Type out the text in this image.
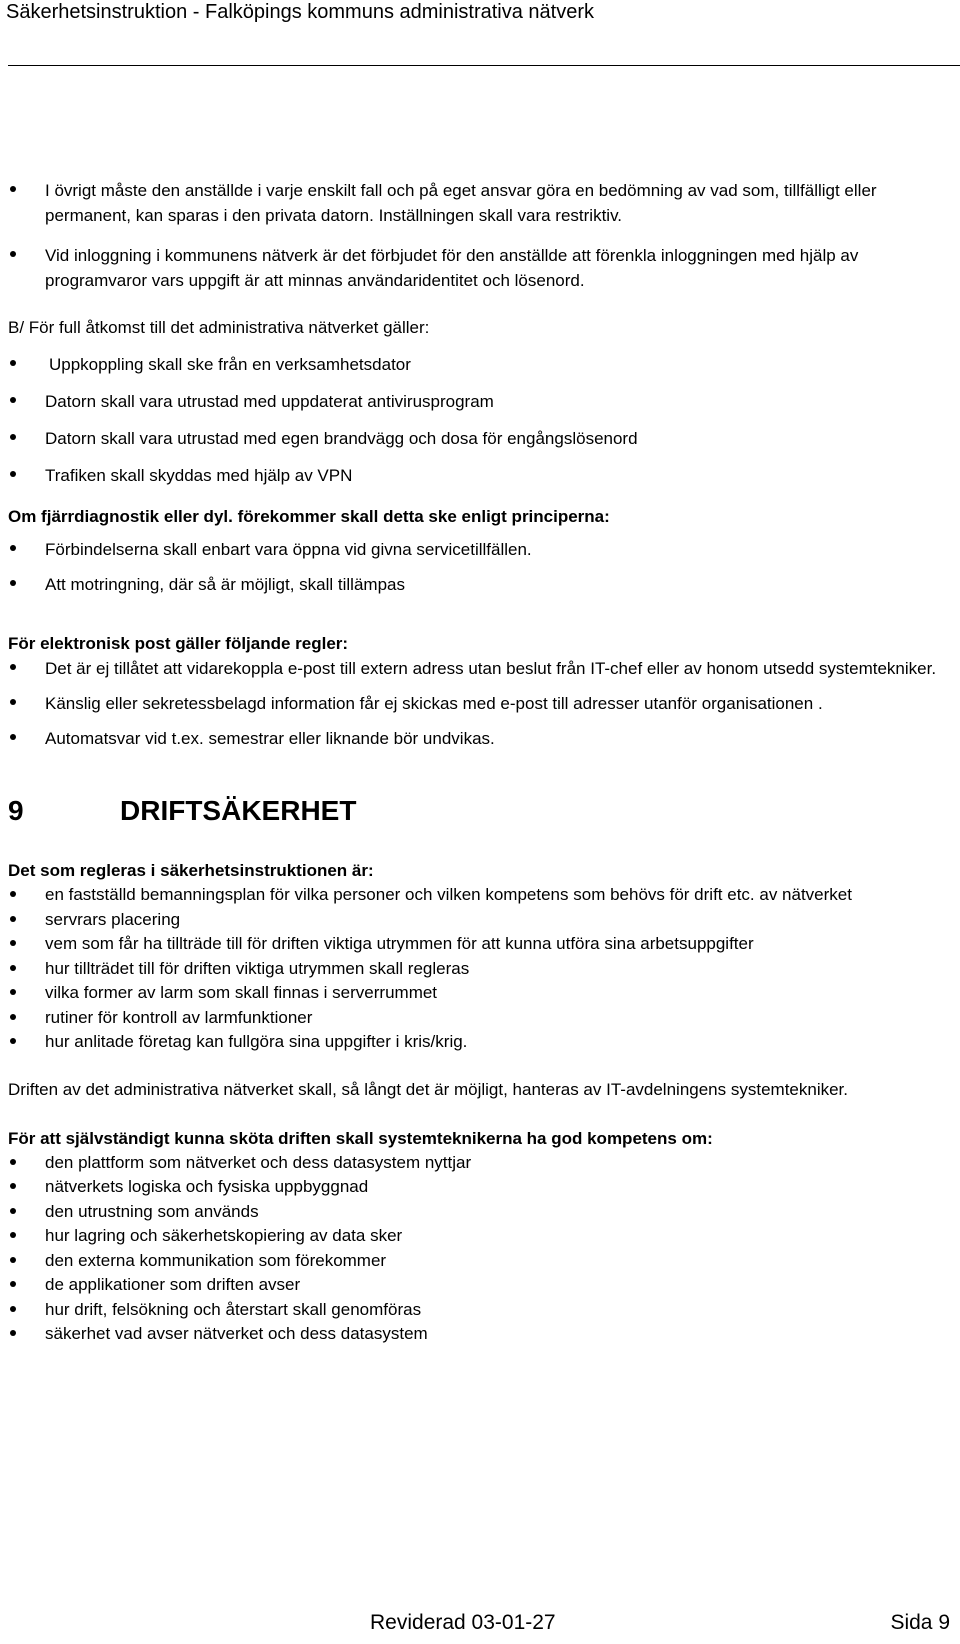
Säkerhetsinstruktion - Falköpings kommuns administrativa nätverk
I övrigt måste den anställde i varje enskilt fall och på eget ansvar göra en bedömning av vad som, tillfälligt eller permanent, kan sparas i den privata datorn. Inställningen skall vara restriktiv.
Vid inloggning i kommunens nätverk är det förbjudet för den anställde att förenkla inloggningen med hjälp av programvaror vars uppgift är att minnas användaridentitet och lösenord.
B/ För full åtkomst till det administrativa nätverket gäller:
Uppkoppling skall ske från en verksamhetsdator
Datorn skall vara utrustad med uppdaterat antivirusprogram
Datorn skall vara utrustad med egen brandvägg och dosa för engångslösenord
Trafiken skall skyddas med hjälp av VPN
Om fjärrdiagnostik eller dyl. förekommer skall detta ske enligt principerna:
Förbindelserna skall enbart vara öppna vid givna servicetillfällen.
Att motringning, där så är möjligt, skall tillämpas
För elektronisk post gäller följande regler:
Det är ej tillåtet att vidarekoppla e-post till extern adress utan beslut från IT-chef eller av honom utsedd systemtekniker.
Känslig eller sekretessbelagd information får ej skickas med e-post till adresser utanför organisationen .
Automatsvar vid t.ex. semestrar eller liknande bör undvikas.
9	DRIFTSÄKERHET
Det som regleras i säkerhetsinstruktionen är:
en fastställd bemanningsplan för vilka personer och vilken kompetens som behövs för drift etc. av nätverket
servrars placering
vem som får ha tillträde till för driften viktiga utrymmen för att kunna utföra sina arbetsuppgifter
hur tillträdet till för driften viktiga utrymmen skall regleras
vilka former av larm som skall finnas i serverrummet
rutiner för kontroll av larmfunktioner
hur anlitade företag kan fullgöra sina uppgifter i kris/krig.
Driften av det administrativa nätverket skall, så långt det är möjligt, hanteras av IT-avdelningens systemtekniker.
För att självständigt kunna sköta driften skall systemteknikerna ha god kompetens om:
den plattform som nätverket och dess datasystem nyttjar
nätverkets logiska och fysiska uppbyggnad
den utrustning som används
hur lagring och säkerhetskopiering av data sker
den externa kommunikation som förekommer
de applikationer som driften avser
hur drift, felsökning och återstart skall genomföras
säkerhet vad avser nätverket och dess datasystem
Reviderad 03-01-27	Sida 9
